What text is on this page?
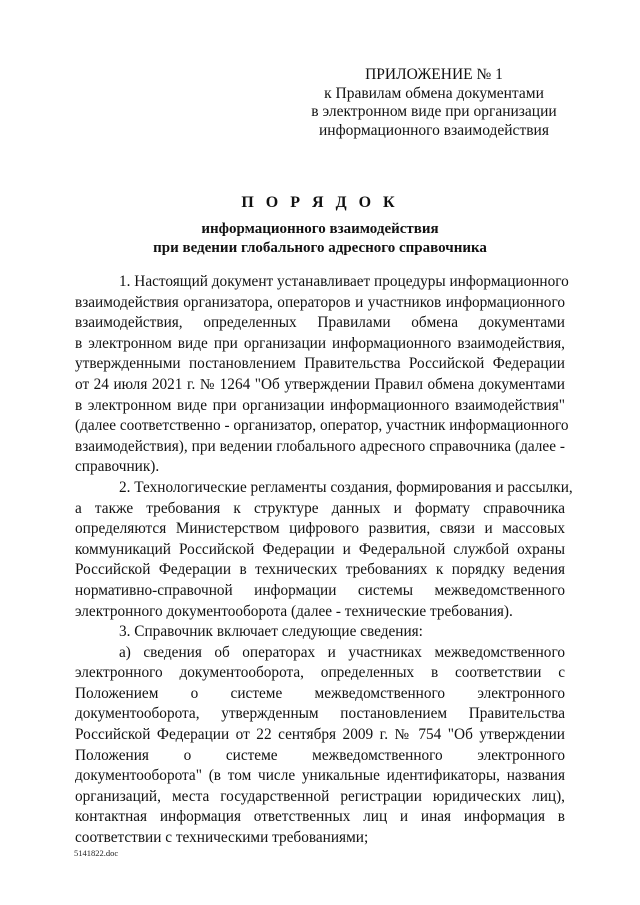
ПРИЛОЖЕНИЕ № 1
к Правилам обмена документами
в электронном виде при организации
информационного взаимодействия
П О Р Я Д О К
информационного взаимодействия
при ведении глобального адресного справочника
1. Настоящий документ устанавливает процедуры информационного
взаимодействия организатора, операторов и участников информационного
взаимодействия, определенных Правилами обмена документами
в электронном виде при организации информационного взаимодействия,
утвержденными постановлением Правительства Российской Федерации
от 24 июля 2021 г. № 1264 "Об утверждении Правил обмена документами
в электронном виде при организации информационного взаимодействия"
(далее соответственно - организатор, оператор, участник информационного
взаимодействия), при ведении глобального адресного справочника (далее -
справочник).
2. Технологические регламенты создания, формирования и рассылки,
а также требования к структуре данных и формату справочника
определяются Министерством цифрового развития, связи и массовых
коммуникаций Российской Федерации и Федеральной службой охраны
Российской Федерации в технических требованиях к порядку ведения
нормативно-справочной информации системы межведомственного
электронного документооборота (далее - технические требования).
3. Справочник включает следующие сведения:
а) сведения об операторах и участниках межведомственного
электронного документооборота, определенных в соответствии с
Положением о системе межведомственного электронного
документооборота, утвержденным постановлением Правительства
Российской Федерации от 22 сентября 2009 г. № 754 "Об утверждении
Положения о системе межведомственного электронного
документооборота" (в том числе уникальные идентификаторы, названия
организаций, места государственной регистрации юридических лиц),
контактная информация ответственных лиц и иная информация в
соответствии с техническими требованиями;
5141822.doc
